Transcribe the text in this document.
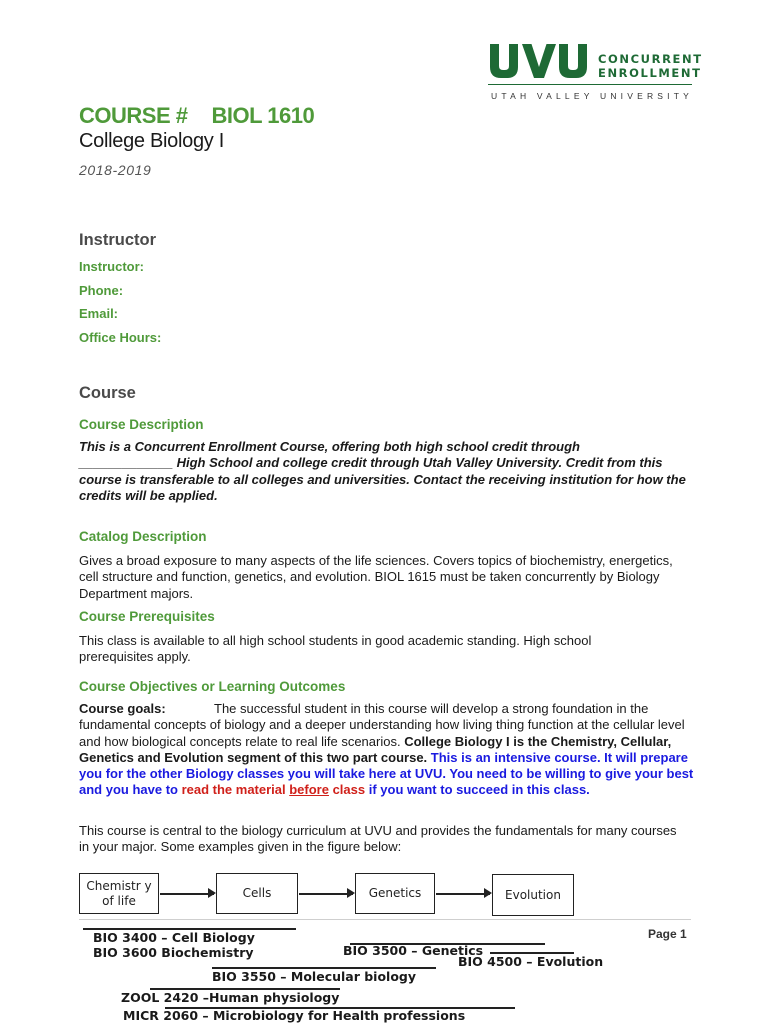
CONCURRENT
ENROLLMENT
UTAH VALLEY UNIVERSITY
COURSE # BIOL 1610
College Biology I
2018-2019
Instructor
Instructor:
Phone:
Email:
Office Hours:
Course
Course Description
This is a Concurrent Enrollment Course, offering both high school credit through
_____________ High School and college credit through Utah Valley University. Credit from this course is transferable to all colleges and universities. Contact the receiving institution for how the credits will be applied.
Catalog Description
Gives a broad exposure to many aspects of the life sciences. Covers topics of biochemistry, energetics, cell structure and function, genetics, and evolution. BIOL 1615 must be taken concurrently by Biology Department majors.
Course Prerequisites
This class is available to all high school students in good academic standing. High school prerequisites apply.
Course Objectives or Learning Outcomes
Course goals:	The successful student in this course will develop a strong foundation in the fundamental concepts of biology and a deeper understanding how living thing function at the cellular level and how biological concepts relate to real life scenarios. College Biology I is the Chemistry, Cellular, Genetics and Evolution segment of this two part course. This is an intensive course. It will prepare you for the other Biology classes you will take here at UVU. You need to be willing to give your best and you have to read the material before class if you want to succeed in this class.
This course is central to the biology curriculum at UVU and provides the fundamentals for many courses in your major. Some examples given in the figure below:
Chemistr y of life
Cells	Genetics	Evolution
Page 1
BIO 3400 – Cell Biology
BIO 3600 Biochemistry	BIO 3500 – Genetics
BIO 4500 – Evolution
BIO 3550 – Molecular biology
ZOOL 2420 –Human physiology
MICR 2060 – Microbiology for Health professions
